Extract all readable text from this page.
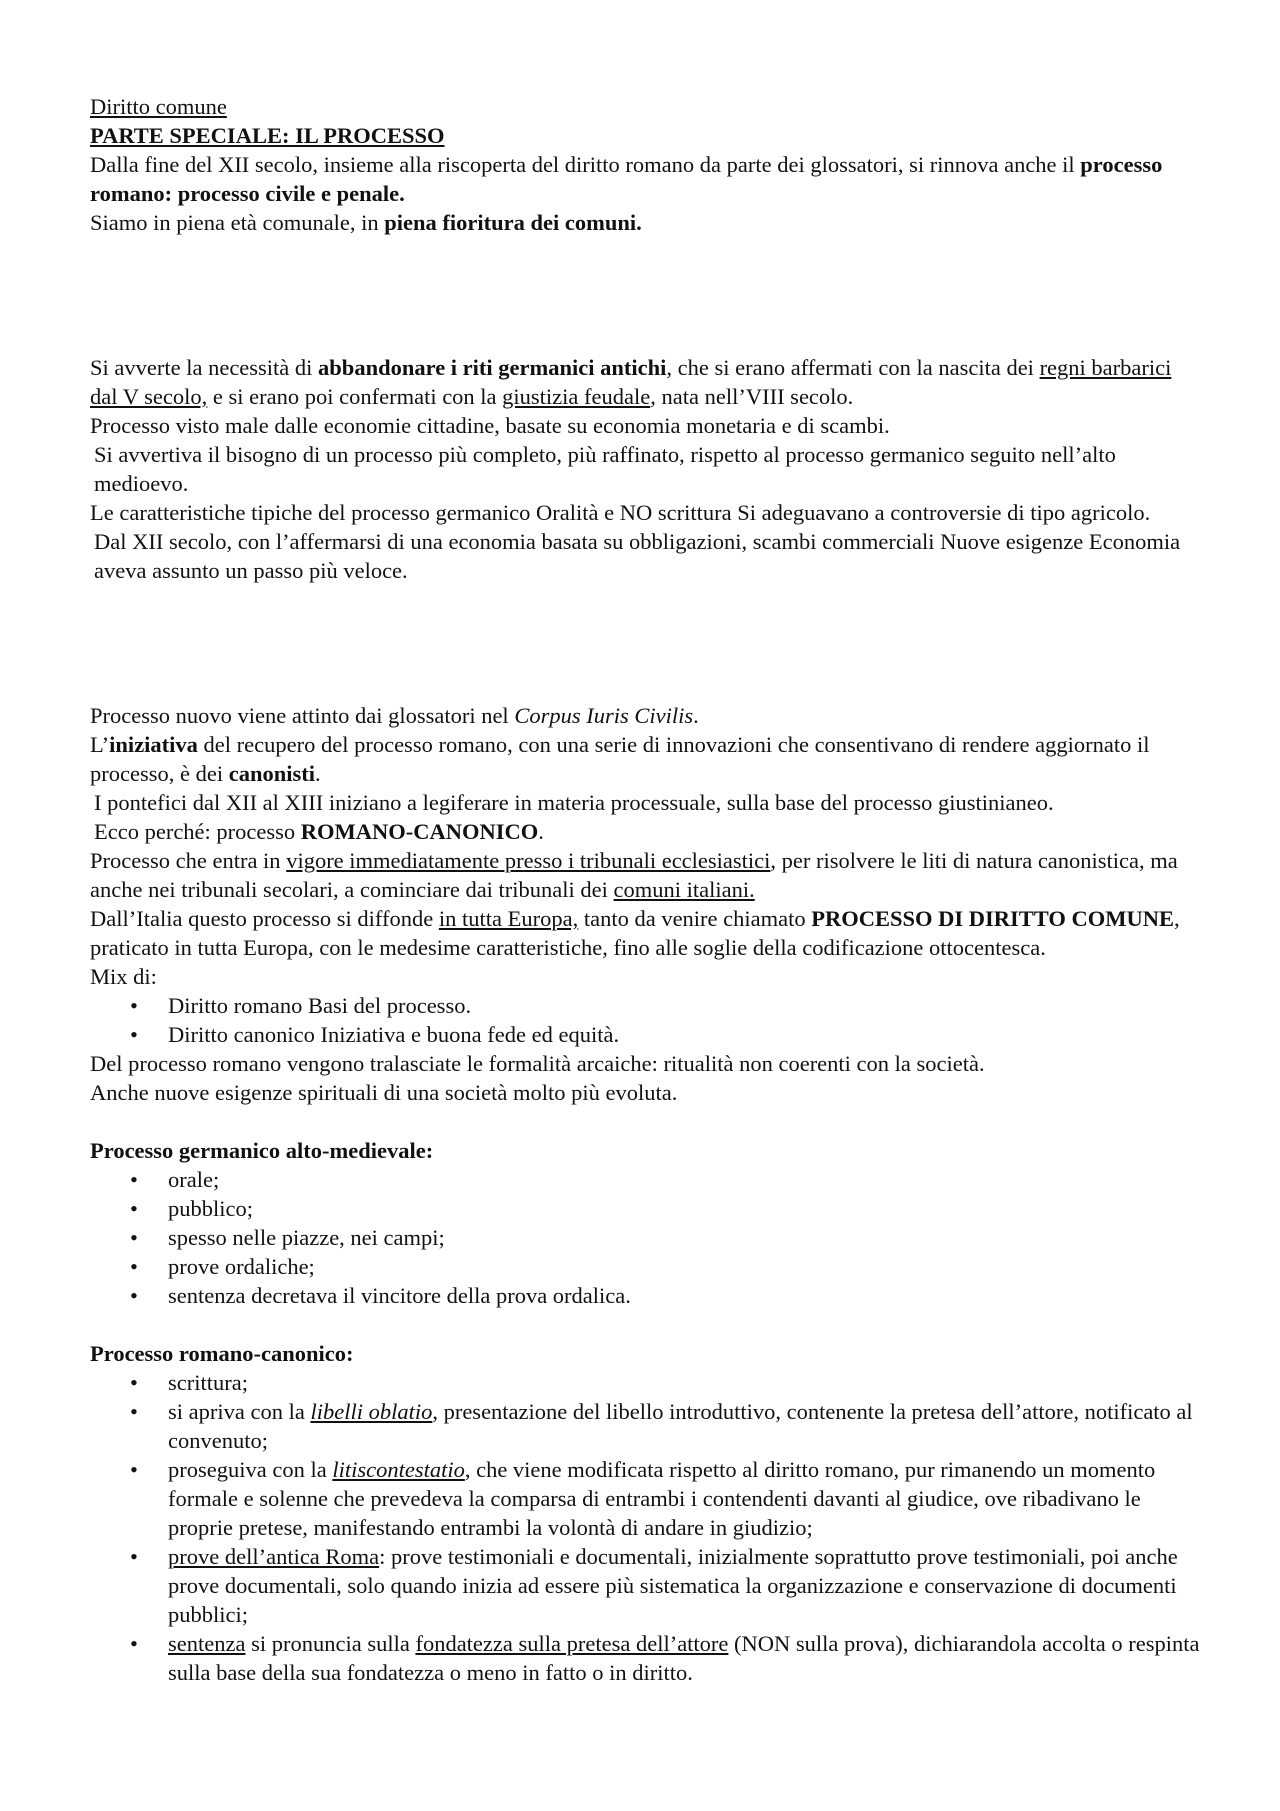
Diritto comune

PARTE SPECIALE: IL PROCESSO

Dalla fine del XII secolo, insieme alla riscoperta del diritto romano da parte dei glossatori, si rinnova anche il processo romano: processo civile e penale.

Siamo in piena età comunale, in piena fioritura dei comuni.

Si avverte la necessità di abbandonare i riti germanici antichi, che si erano affermati con la nascita dei regni barbarici dal V secolo, e si erano poi confermati con la giustizia feudale, nata nell’VIII secolo.

Processo visto male dalle economie cittadine, basate su economia monetaria e di scambi.

Si avvertiva il bisogno di un processo più completo, più raffinato, rispetto al processo germanico seguito nell’alto medioevo.

Le caratteristiche tipiche del processo germanico Oralità e NO scrittura Si adeguavano a controversie di tipo agricolo.

Dal XII secolo, con l’affermarsi di una economia basata su obbligazioni, scambi commerciali Nuove esigenze Economia aveva assunto un passo più veloce.

Processo nuovo viene attinto dai glossatori nel Corpus Iuris Civilis.

L’iniziativa del recupero del processo romano, con una serie di innovazioni che consentivano di rendere aggiornato il processo, è dei canonisti.

I pontefici dal XII al XIII iniziano a legiferare in materia processuale, sulla base del processo giustinianeo.

Ecco perché: processo ROMANO-CANONICO.

Processo che entra in vigore immediatamente presso i tribunali ecclesiastici, per risolvere le liti di natura canonistica, ma anche nei tribunali secolari, a cominciare dai tribunali dei comuni italiani.

Dall’Italia questo processo si diffonde in tutta Europa, tanto da venire chiamato PROCESSO DI DIRITTO COMUNE, praticato in tutta Europa, con le medesime caratteristiche, fino alle soglie della codificazione ottocentesca.

Mix di:

• Diritto romano Basi del processo.
• Diritto canonico Iniziativa e buona fede ed equità.

Del processo romano vengono tralasciate le formalità arcaiche: ritualità non coerenti con la società.

Anche nuove esigenze spirituali di una società molto più evoluta.

Processo germanico alto-medievale:

• orale;
• pubblico;
• spesso nelle piazze, nei campi;
• prove ordaliche;
• sentenza decretava il vincitore della prova ordalica.

Processo romano-canonico:

• scrittura;
• si apriva con la libelli oblatio, presentazione del libello introduttivo, contenente la pretesa dell’attore, notificato al convenuto;
• proseguiva con la litiscontestatio, che viene modificata rispetto al diritto romano, pur rimanendo un momento formale e solenne che prevedeva la comparsa di entrambi i contendenti davanti al giudice, ove ribadivano le proprie pretese, manifestando entrambi la volontà di andare in giudizio;
• prove dell’antica Roma: prove testimoniali e documentali, inizialmente soprattutto prove testimoniali, poi anche prove documentali, solo quando inizia ad essere più sistematica la organizzazione e conservazione di documenti pubblici;
• sentenza si pronuncia sulla fondatezza sulla pretesa dell’attore (NON sulla prova), dichiarandola accolta o respinta sulla base della sua fondatezza o meno in fatto o in diritto.
